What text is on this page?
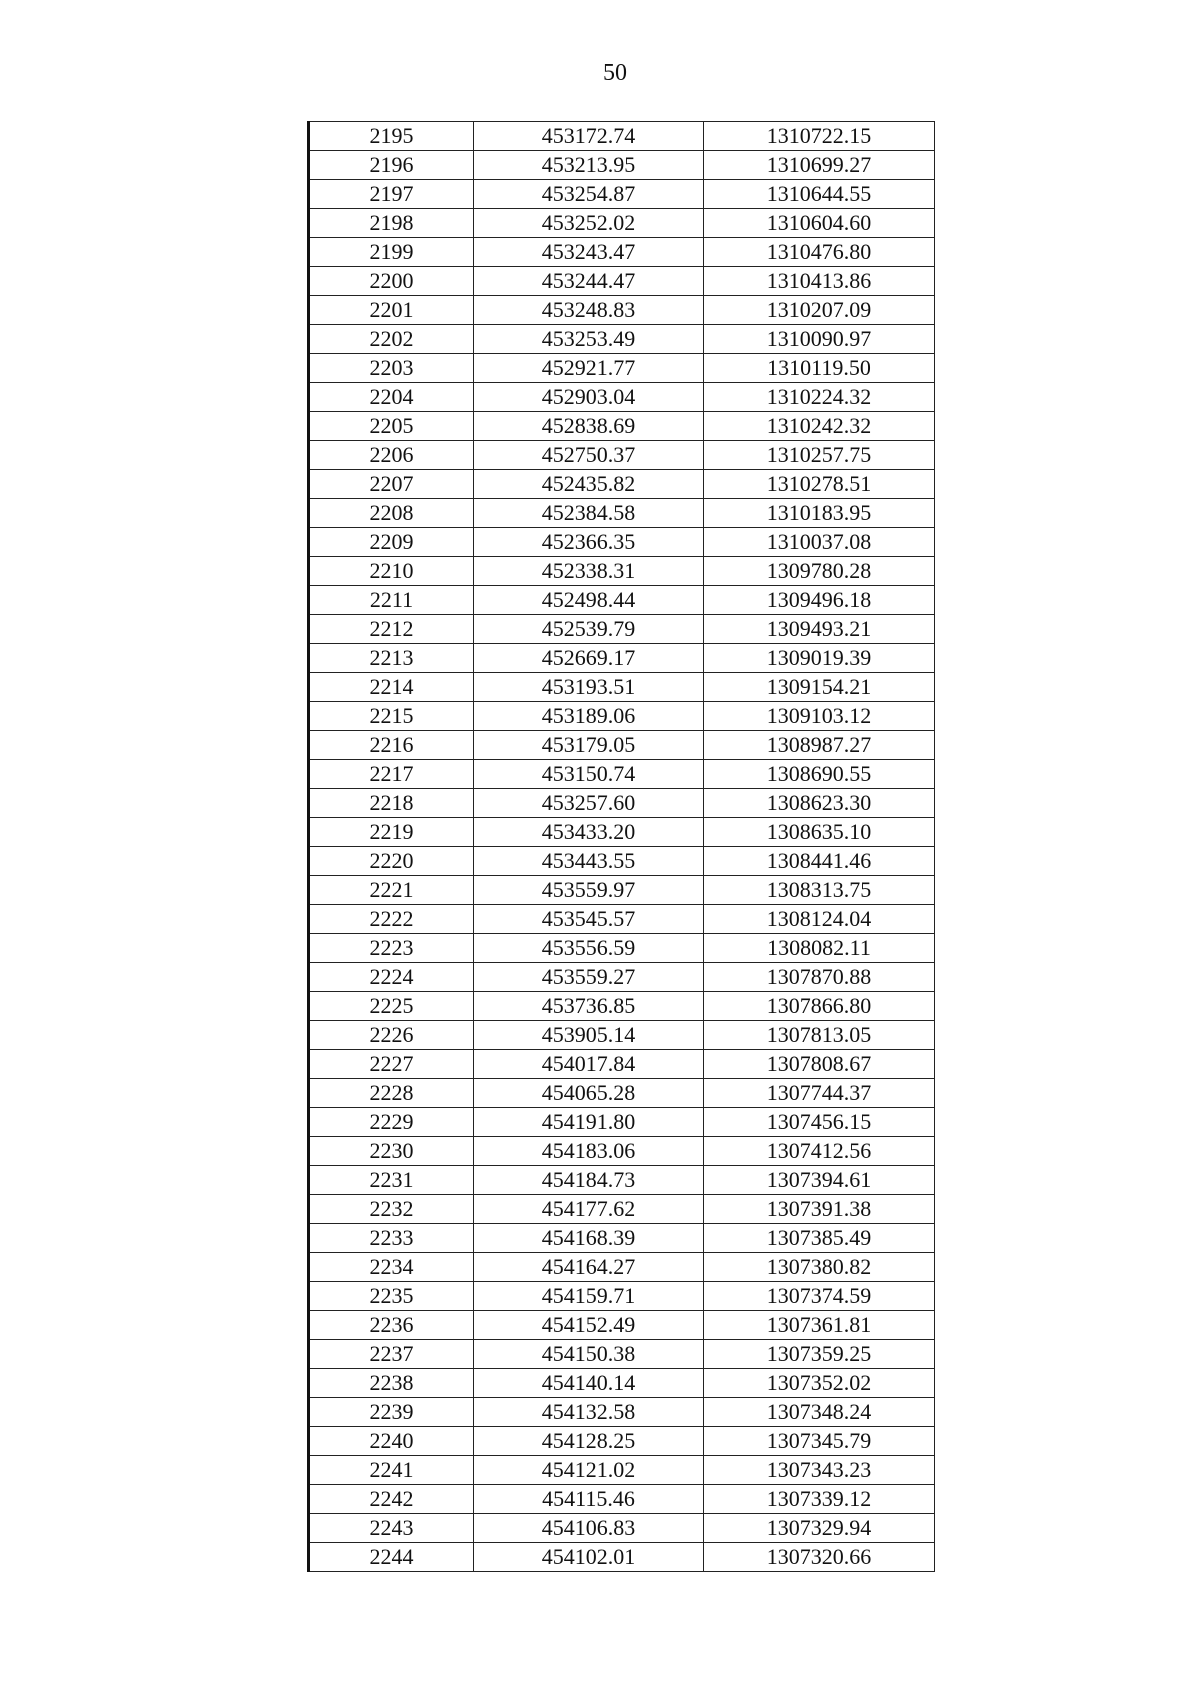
50
2195	453172.74	1310722.15
2196	453213.95	1310699.27
2197	453254.87	1310644.55
2198	453252.02	1310604.60
2199	453243.47	1310476.80
2200	453244.47	1310413.86
2201	453248.83	1310207.09
2202	453253.49	1310090.97
2203	452921.77	1310119.50
2204	452903.04	1310224.32
2205	452838.69	1310242.32
2206	452750.37	1310257.75
2207	452435.82	1310278.51
2208	452384.58	1310183.95
2209	452366.35	1310037.08
2210	452338.31	1309780.28
2211	452498.44	1309496.18
2212	452539.79	1309493.21
2213	452669.17	1309019.39
2214	453193.51	1309154.21
2215	453189.06	1309103.12
2216	453179.05	1308987.27
2217	453150.74	1308690.55
2218	453257.60	1308623.30
2219	453433.20	1308635.10
2220	453443.55	1308441.46
2221	453559.97	1308313.75
2222	453545.57	1308124.04
2223	453556.59	1308082.11
2224	453559.27	1307870.88
2225	453736.85	1307866.80
2226	453905.14	1307813.05
2227	454017.84	1307808.67
2228	454065.28	1307744.37
2229	454191.80	1307456.15
2230	454183.06	1307412.56
2231	454184.73	1307394.61
2232	454177.62	1307391.38
2233	454168.39	1307385.49
2234	454164.27	1307380.82
2235	454159.71	1307374.59
2236	454152.49	1307361.81
2237	454150.38	1307359.25
2238	454140.14	1307352.02
2239	454132.58	1307348.24
2240	454128.25	1307345.79
2241	454121.02	1307343.23
2242	454115.46	1307339.12
2243	454106.83	1307329.94
2244	454102.01	1307320.66
